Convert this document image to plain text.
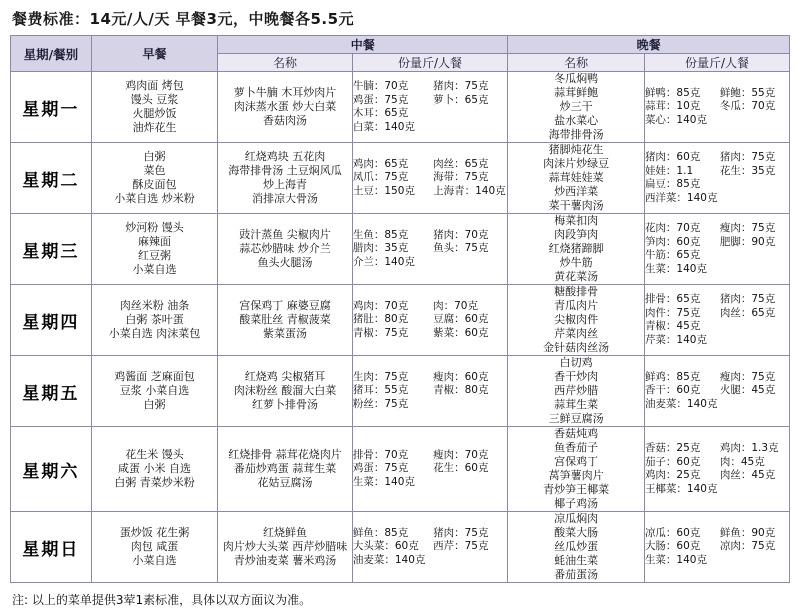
餐费标准：14元/人/天 早餐3元，中晚餐各5.5元
星期/餐别	早餐	中餐		晚餐	
		名称	份量斤/人餐	名称	份量斤/人餐
星期一	
鸡肉面 烤包
馒头 豆浆
火腿炒饭
油炸花生

萝卜牛腩 木耳炒肉片
肉沫蒸水蛋 炒大白菜
香菇肉汤

牛腩：70克	猪肉：75克
鸡蛋：75克	萝卜：65克
木耳：65克
白菜：140克

冬瓜焖鸭
蒜茸鲜鲍
炒三干
盐水菜心
海带排骨汤

鲜鸭：85克	鲜鲍：55克
蒜茸：10克	冬瓜：70克
菜心：140克

星期二	
白粥
菜色
酥皮面包
小菜自选 炒米粉

红烧鸡块 五花肉
海带排骨汤 土豆焖风瓜
炒上海青
消排凉大骨汤

鸡肉：65克	肉丝：65克
凤爪：75克	海带：75克
土豆：150克	上海青：140克

猪脚炖花生
肉沫片炒绿豆
蒜茸娃娃菜
炒西洋菜
菜干薯肉汤

猪肉：60克	猪肉：75克
娃娃：1.1	花生：35克
扁豆：85克
西洋菜：140克

星期三	
炒河粉 馒头
麻辣面
红豆粥
小菜自选

豉汁蒸鱼 尖椒肉片
蒜芯炒腊味 炒介兰
鱼头火腿汤

生鱼：85克	猪肉：70克
腊肉：35克	鱼头：75克
介兰：140克

梅菜扣肉
肉段笋肉
红烧猪蹄脚
炒牛筋
黄花菜汤

花肉：70克	瘦肉：75克
笋肉：60克	肥脚：90克
牛筋：65克
生菜：140克

星期四	
肉丝米粉 油条
白粥 茶叶蛋
小菜自选 肉沫菜包

宫保鸡丁 麻婆豆腐
酸菜肚丝 青椒菠菜
紫菜蛋汤

鸡肉：70克	肉：70克
猪肚：80克	豆腐：60克
青椒：75克	紫菜：60克

糖酸排骨
青瓜肉片
尖椒肉件
芹菜肉丝
金针菇肉丝汤

排骨：65克	猪肉：75克
肉件：75克	肉丝：65克
青椒：45克
芹菜：140克

星期五	
鸡酱面 芝麻面包
豆浆 小菜自选
白粥

红烧鸡 尖椒猪耳
肉沫粉丝 酸溜大白菜
红萝卜排骨汤

生肉：75克	瘦肉：60克
猪耳：55克	青椒：80克
粉丝：75克

白切鸡
香干炒肉
西芹炒腊
蒜茸生菜
三鲜豆腐汤

鲜鸡：85克	瘦肉：75克
香干：60克	火腿：45克
油麦菜：140克

星期六	
花生米 馒头
咸蛋 小米 自选
白粥 青菜炒米粉

红烧排骨 蒜茸花烧肉片
番茄炒鸡蛋 蒜茸生菜
花姑豆腐汤

排骨：70克	瘦肉：70克
鸡蛋：75克	花生：60克
生菜：140克

香菇炖鸡
鱼香茄子
宫保鸡丁
莴笋薯肉片
青炒笋王椰菜
椰子鸡汤

香菇：25克	鸡肉：1.3克
茄子：60克	肉：45克
鸡肉：25克	肉丝：45克
王椰菜：140克

星期日	
蛋炒饭 花生粥
肉包 咸蛋
小菜自选

红烧鲜鱼
肉片炒大头菜 西芹炒腊味
青炒油麦菜 薯米鸡汤

鲜鱼：85克	猪肉：75克
大头菜：60克	西芹：75克
油麦菜：140克

凉瓜焖肉
酸菜大肠
丝瓜炒蛋
蚝油生菜
番茄蛋汤

凉瓜：60克	鲜鱼：90克
大肠：60克	凉肉：75克
生菜：140克
注: 以上的菜单提供3荤1素标准，具体以双方面议为准。
